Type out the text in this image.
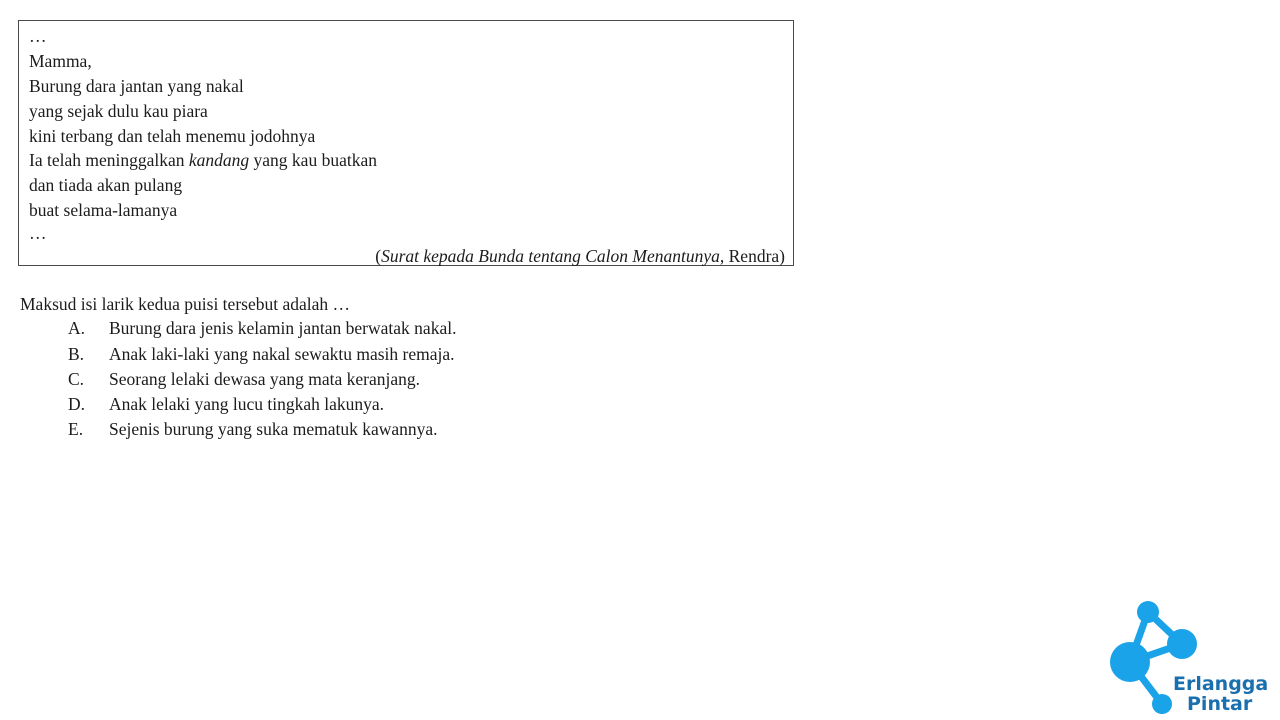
…
Mamma,
Burung dara jantan yang nakal
yang sejak dulu kau piara
kini terbang dan telah menemu jodohnya
Ia telah meninggalkan kandang yang kau buatkan
dan tiada akan pulang
buat selama-lamanya
…
(Surat kepada Bunda tentang Calon Menantunya, Rendra)
Maksud isi larik kedua puisi tersebut adalah …
A. Burung dara jenis kelamin jantan berwatak nakal.
B. Anak laki-laki yang nakal sewaktu masih remaja.
C. Seorang lelaki dewasa yang mata keranjang.
D. Anak lelaki yang lucu tingkah lakunya.
E. Sejenis burung yang suka mematuk kawannya.
Erlangga
Pintar
